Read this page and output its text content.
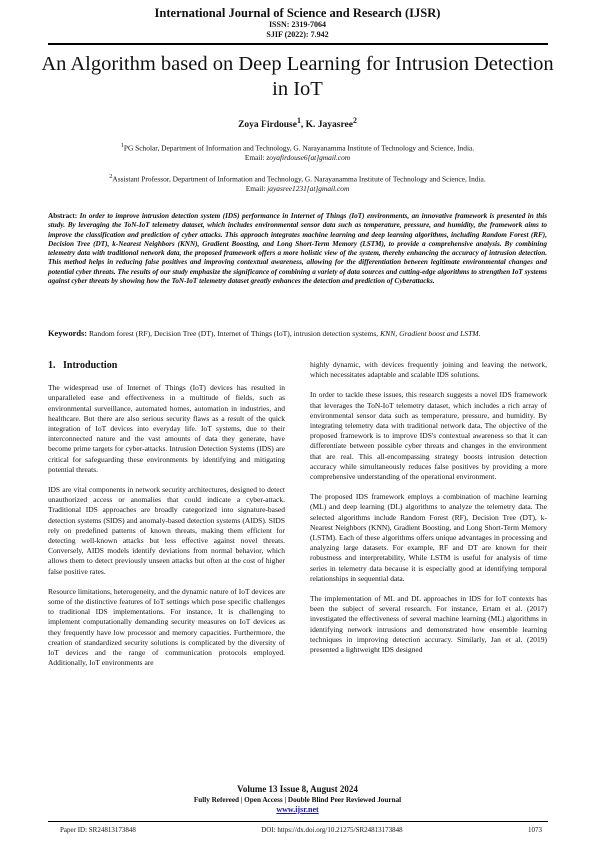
International Journal of Science and Research (IJSR)
ISSN: 2319-7064
SJIF (2022): 7.942
An Algorithm based on Deep Learning for Intrusion Detection in IoT
Zoya Firdouse$^1$, K. Jayasree$^2$
$^1$PG Scholar, Department of Information and Technology, G. Narayanamma Institute of Technology and Science, India.
Email: zoyafirdouse6[at]gmail.com
$^2$Assistant Professor, Department of Information and Technology, G. Narayanamma Institute of Technology and Science, India.
Email: jayasree1231[at]gmail.com
Abstract: In order to improve intrusion detection system (IDS) performance in Internet of Things (IoT) environments, an innovative framework is presented in this study. By leveraging the ToN-IoT telemetry dataset, which includes environmental sensor data such as temperature, pressure, and humidity, the framework aims to improve the classification and prediction of cyber attacks. This approach integrates machine learning and deep learning algorithms, including Random Forest (RF), Decision Tree (DT), k-Nearest Neighbors (KNN), Gradient Boosting, and Long Short-Term Memory (LSTM), to provide a comprehensive analysis. By combining telemetry data with traditional network data, the proposed framework offers a more holistic view of the system, thereby enhancing the accuracy of intrusion detection. This method helps in reducing false positives and improving contextual awareness, allowing for the differentiation between legitimate environmental changes and potential cyber threats. The results of our study emphasize the significance of combining a variety of data sources and cutting-edge algorithms to strengthen IoT systems against cyber threats by showing how the ToN-IoT telemetry dataset greatly enhances the detection and prediction of Cyberattacks.
Keywords: Random forest (RF), Decision Tree (DT), Internet of Things (IoT), intrusion detection systems, KNN, Gradient boost and LSTM.
1. Introduction

The widespread use of Internet of Things (IoT) devices has resulted in unparalleled ease and effectiveness in a multitude of fields, such as environmental surveillance, automated homes, automation in industries, and healthcare. But there are also serious security flaws as a result of the quick integration of IoT devices into everyday life. IoT systems, due to their interconnected nature and the vast amounts of data they generate, have become prime targets for cyber-attacks. Intrusion Detection Systems (IDS) are critical for safeguarding these environments by identifying and mitigating potential threats.

IDS are vital components in network security architectures, designed to detect unauthorized access or anomalies that could indicate a cyber-attack. Traditional IDS approaches are broadly categorized into signature-based detection systems (SIDS) and anomaly-based detection systems (AIDS). SIDS rely on predefined patterns of known threats, making them efficient for detecting well-known attacks but less effective against novel threats. Conversely, AIDS models identify deviations from normal behavior, which allows them to detect previously unseen attacks but often at the cost of higher false positive rates.

Resource limitations, heterogeneity, and the dynamic nature of IoT devices are some of the distinctive features of IoT settings which pose specific challenges to traditional IDS implementations. For instance, It is challenging to implement computationally demanding security measures on IoT devices as they frequently have low processor and memory capacities. Furthermore, the creation of standardized security solutions is complicated by the diversity of IoT devices and the range of communication protocols employed. Additionally, IoT environments are

highly dynamic, with devices frequently joining and leaving the network, which necessitates adaptable and scalable IDS solutions.

In order to tackle these issues, this research suggests a novel IDS framework that leverages the ToN-IoT telemetry dataset, which includes a rich array of environmental sensor data such as temperature, pressure, and humidity. By integrating telemetry data with traditional network data, The objective of the proposed framework is to improve IDS's contextual awareness so that it can differentiate between possible cyber threats and changes in the environment that are real. This all-encompassing strategy boosts intrusion detection accuracy while simultaneously reduces false positives by providing a more comprehensive understanding of the operational environment.

The proposed IDS framework employs a combination of machine learning (ML) and deep learning (DL) algorithms to analyze the telemetry data. The selected algorithms include Random Forest (RF), Decision Tree (DT), k-Nearest Neighbors (KNN), Gradient Boosting, and Long Short-Term Memory (LSTM). Each of these algorithms offers unique advantages in processing and analyzing large datasets. For example, RF and DT are known for their robustness and interpretability, While LSTM is useful for analysis of time series in telemetry data because it is especially good at identifying temporal relationships in sequential data.

The implementation of ML and DL approaches in IDS for IoT contexts has been the subject of several research. For instance, Ertam et al. (2017) investigated the effectiveness of several machine learning (ML) algorithms in identifying network intrusions and demonstrated how ensemble learning techniques in improving detection accuracy. Similarly, Jan et al. (2019) presented a lightweight IDS designed

Volume 13 Issue 8, August 2024
Fully Refereed | Open Access | Double Blind Peer Reviewed Journal
www.ijsr.net
Paper ID: SR24813173848	DOI: https://dx.doi.org/10.21275/SR24813173848	1073
